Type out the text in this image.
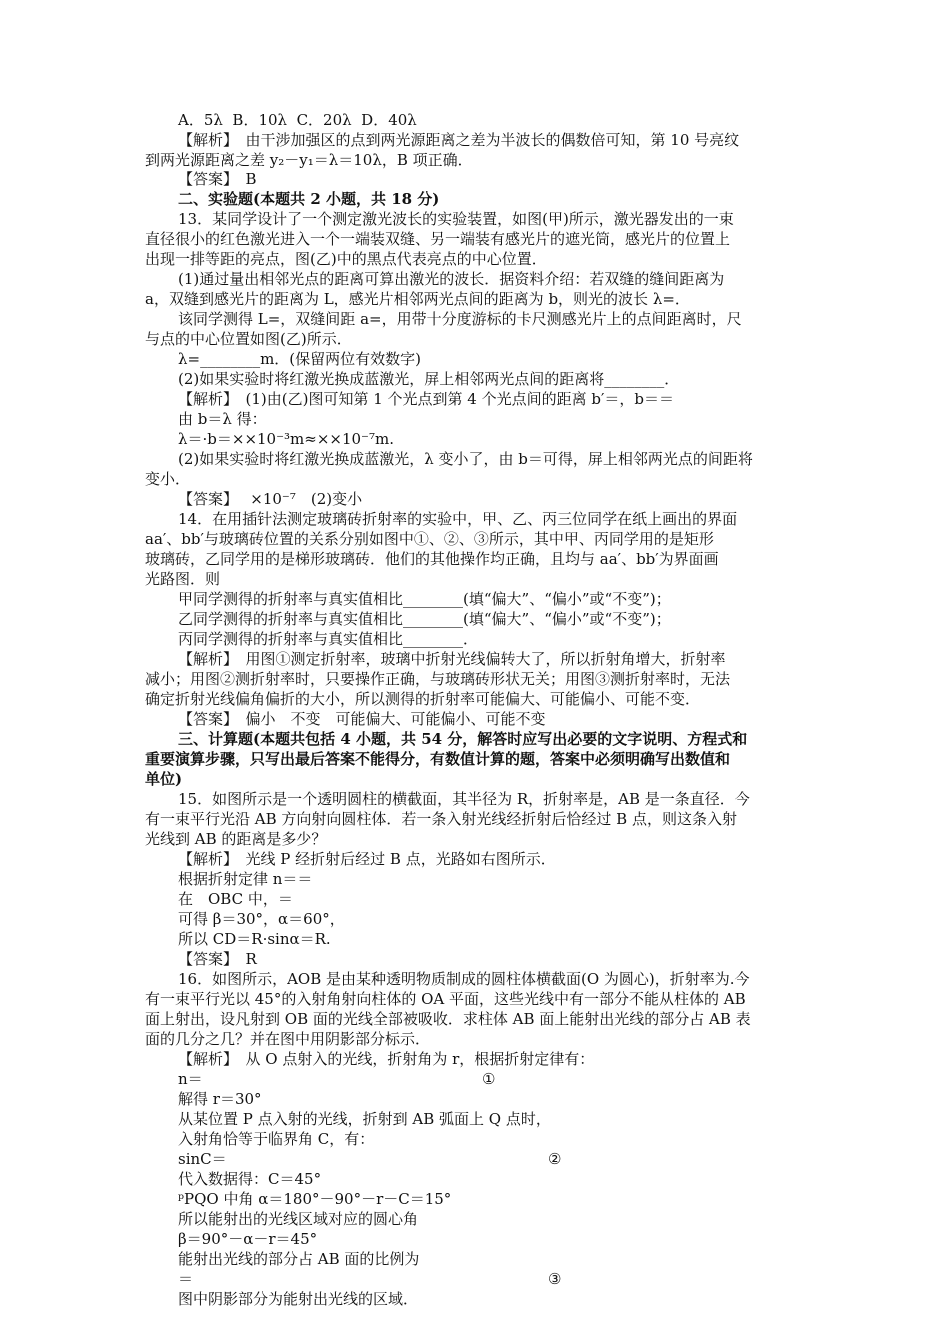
A．5λ  B．10λ  C．20λ  D．40λ
【解析】　由干涉加强区的点到两光源距离之差为半波长的偶数倍可知，第 10 号亮纹
到两光源距离之差 y₂－y₁＝λ＝10λ，B 项正确．
【答案】　B
二、实验题(本题共 2 小题，共 18 分)
13．某同学设计了一个测定激光波长的实验装置，如图(甲)所示，激光器发出的一束
直径很小的红色激光进入一个一端装双缝、另一端装有感光片的遮光筒，感光片的位置上
出现一排等距的亮点，图(乙)中的黑点代表亮点的中心位置．
(1)通过量出相邻光点的距离可算出激光的波长．据资料介绍：若双缝的缝间距离为
a，双缝到感光片的距离为 L，感光片相邻两光点间的距离为 b，则光的波长 λ=．
该同学测得 L=，双缝间距 a=，用带十分度游标的卡尺测感光片上的点间距离时，尺
与点的中心位置如图(乙)所示．
λ=________m．(保留两位有效数字)
(2)如果实验时将红激光换成蓝激光，屏上相邻两光点间的距离将________．
【解析】　(1)由(乙)图可知第 1 个光点到第 4 个光点间的距离 b′＝，b＝＝
由 b＝λ 得：
λ＝·b＝××10⁻³m≈××10⁻⁷m.
(2)如果实验时将红激光换成蓝激光，λ 变小了，由 b＝可得，屏上相邻两光点的间距将
变小．
【答案】　 ×10⁻⁷　(2)变小
14．在用插针法测定玻璃砖折射率的实验中，甲、乙、丙三位同学在纸上画出的界面
aa′、bb′与玻璃砖位置的关系分别如图中①、②、③所示，其中甲、丙同学用的是矩形
玻璃砖，乙同学用的是梯形玻璃砖．他们的其他操作均正确，且均与 aa′、bb′为界面画
光路图．则
甲同学测得的折射率与真实值相比________(填“偏大”、“偏小”或“不变”)；
乙同学测得的折射率与真实值相比________(填“偏大”、“偏小”或“不变”)；
丙同学测得的折射率与真实值相比________．
【解析】　用图①测定折射率，玻璃中折射光线偏转大了，所以折射角增大，折射率
减小；用图②测折射率时，只要操作正确，与玻璃砖形状无关；用图③测折射率时，无法
确定折射光线偏角偏折的大小，所以测得的折射率可能偏大、可能偏小、可能不变．
【答案】　偏小　不变　可能偏大、可能偏小、可能不变
三、计算题(本题共包括 4 小题，共 54 分，解答时应写出必要的文字说明、方程式和
重要演算步骤，只写出最后答案不能得分，有数值计算的题，答案中必须明确写出数值和
单位)
15．如图所示是一个透明圆柱的横截面，其半径为 R，折射率是，AB 是一条直径．今
有一束平行光沿 AB 方向射向圆柱体．若一条入射光线经折射后恰经过 B 点，则这条入射
光线到 AB 的距离是多少？
【解析】　光线 P 经折射后经过 B 点，光路如右图所示．
根据折射定律 n＝＝
在　OBC 中，＝
可得 β＝30°，α＝60°，
所以 CD＝R·sinα＝R.
【答案】　R
16．如图所示，AOB 是由某种透明物质制成的圆柱体横截面(O 为圆心)，折射率为.今
有一束平行光以 45°的入射角射向柱体的 OA 平面，这些光线中有一部分不能从柱体的 AB
面上射出，设凡射到 OB 面的光线全部被吸收．求柱体 AB 面上能射出光线的部分占 AB 表
面的几分之几？并在图中用阴影部分标示．
【解析】　从 O 点射入的光线，折射角为 r，根据折射定律有：
n＝	①
解得 r＝30°
从某位置 P 点入射的光线，折射到 AB 弧面上 Q 点时，
入射角恰等于临界角 C，有：
sinC＝	②
代入数据得：C＝45°
ᵖPQO 中角 α＝180°－90°－r－C＝15°
所以能射出的光线区域对应的圆心角
β＝90°－α－r＝45°
能射出光线的部分占 AB 面的比例为
＝	③
图中阴影部分为能射出光线的区域．
